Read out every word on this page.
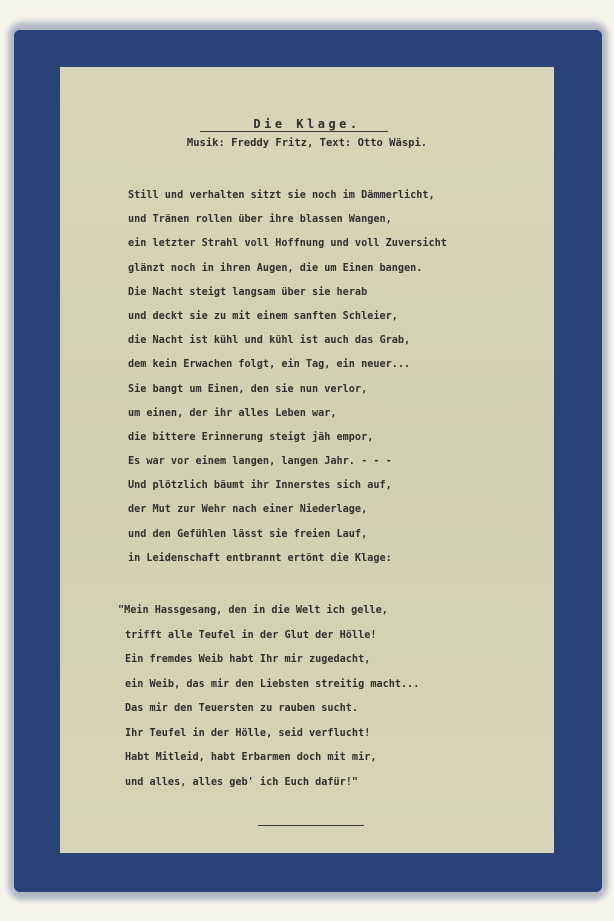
Die Klage.
Musik: Freddy Fritz, Text: Otto Wäspi.
Still und verhalten sitzt sie noch im Dämmerlicht,
und Tränen rollen über ihre blassen Wangen,
ein letzter Strahl voll Hoffnung und voll Zuversicht
glänzt noch in ihren Augen, die um Einen bangen.
Die Nacht steigt langsam über sie herab
und deckt sie zu mit einem sanften Schleier,
die Nacht ist kühl und kühl ist auch das Grab,
dem kein Erwachen folgt, ein Tag, ein neuer...
Sie bangt um Einen, den sie nun verlor,
um einen, der ihr alles Leben war,
die bittere Erinnerung steigt jäh empor,
Es war vor einem langen, langen Jahr. - - -
Und plötzlich bäumt ihr Innerstes sich auf,
der Mut zur Wehr nach einer Niederlage,
und den Gefühlen lässt sie freien Lauf,
in Leidenschaft entbrannt ertönt die Klage:
"Mein Hassgesang, den in die Welt ich gelle,
trifft alle Teufel in der Glut der Hölle!
Ein fremdes Weib habt Ihr mir zugedacht,
ein Weib, das mir den Liebsten streitig macht...
Das mir den Teuersten zu rauben sucht.
Ihr Teufel in der Hölle, seid verflucht!
Habt Mitleid, habt Erbarmen doch mit mir,
und alles, alles geb' ich Euch dafür!"
